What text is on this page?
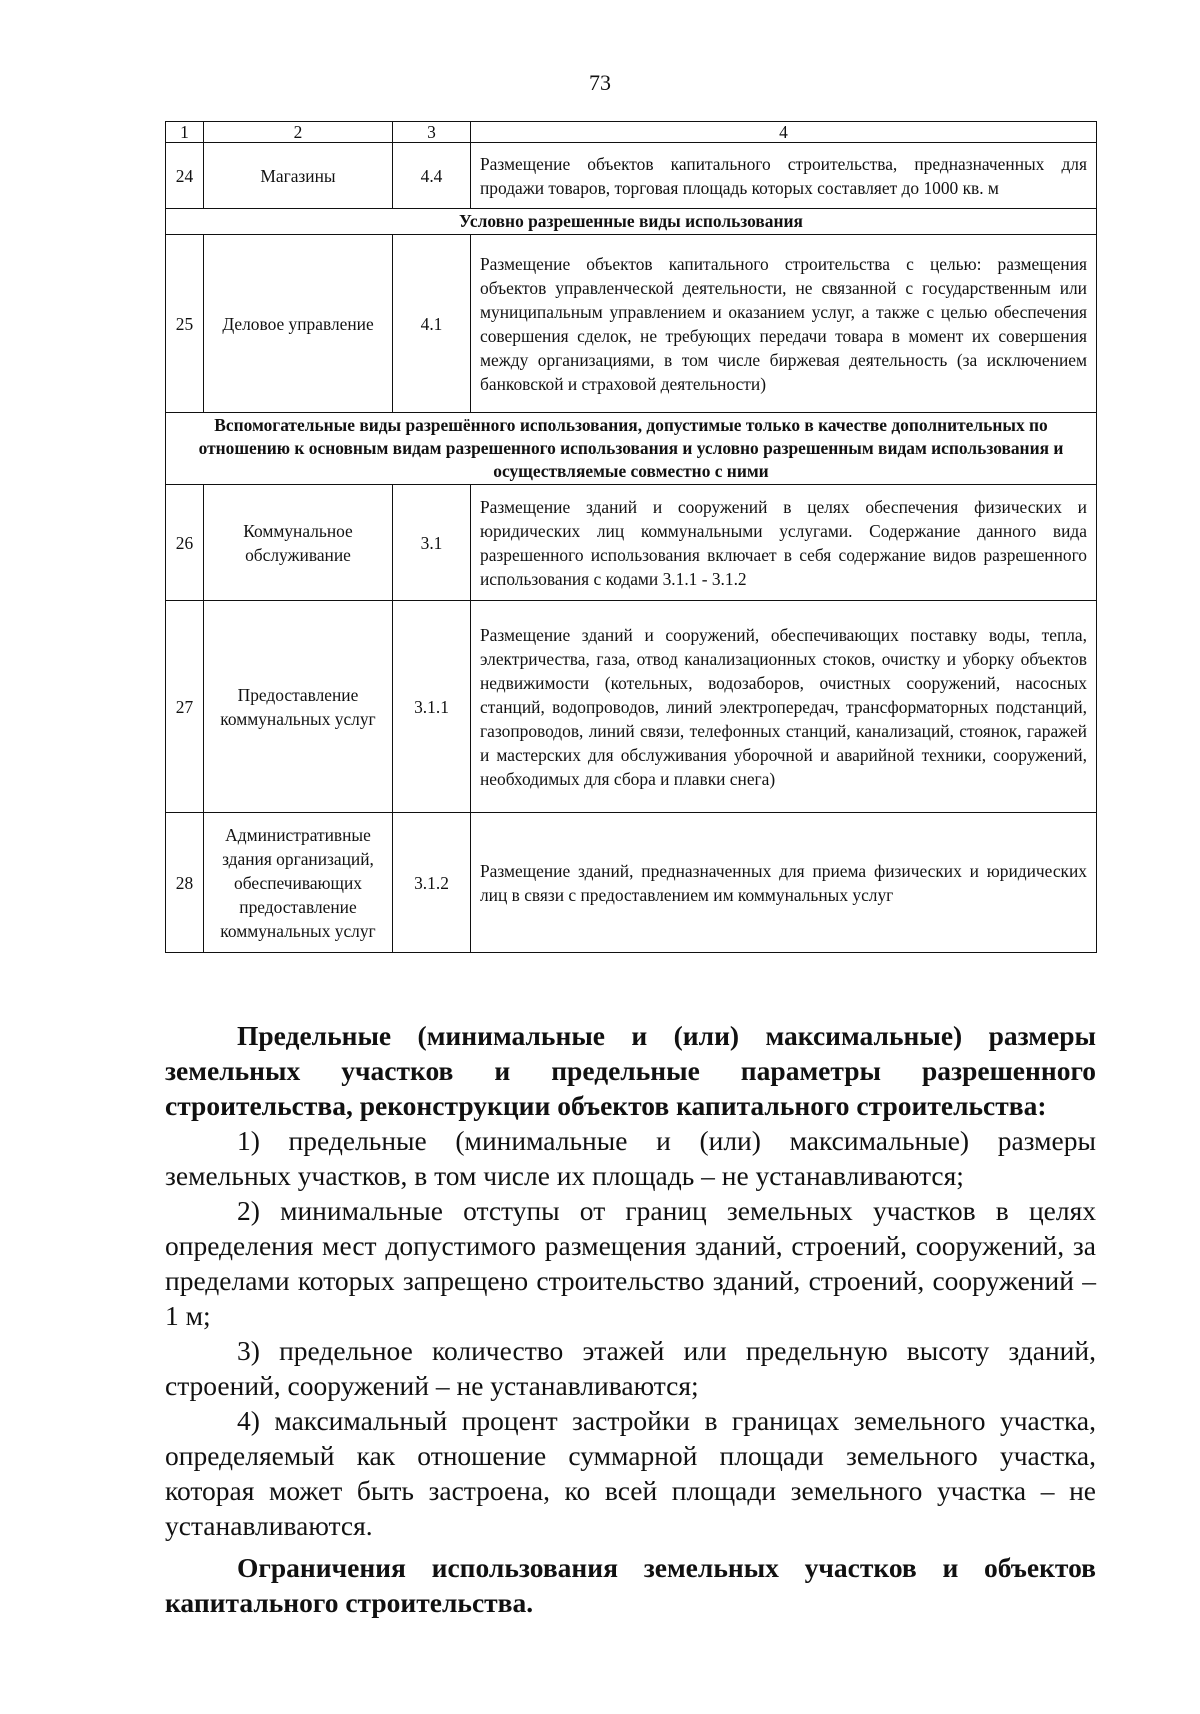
73
1	2	3	4
24	Магазины	4.4	Размещение объектов капитального строительства, предназначенных для продажи товаров, торговая площадь которых составляет до 1000 кв. м
Условно разрешенные виды использования			
25	Деловое управление	4.1	Размещение объектов капитального строительства с целью: размещения объектов управленческой деятельности, не связанной с государственным или муниципальным управлением и оказанием услуг, а также с целью обеспечения совершения сделок, не требующих передачи товара в момент их совершения между организациями, в том числе биржевая деятельность (за исключением банковской и страховой деятельности)
Вспомогательные виды разрешённого использования, допустимые только в качестве дополнительных по отношению к основным видам разрешенного использования и условно разрешенным видам использования и осуществляемые совместно с ними			
26	Коммунальное обслуживание	3.1	Размещение зданий и сооружений в целях обеспечения физических и юридических лиц коммунальными услугами. Содержание данного вида разрешенного использования включает в себя содержание видов разрешенного использования с кодами 3.1.1 - 3.1.2
27	Предоставление коммунальных услуг	3.1.1	Размещение зданий и сооружений, обеспечивающих поставку воды, тепла, электричества, газа, отвод канализационных стоков, очистку и уборку объектов недвижимости (котельных, водозаборов, очистных сооружений, насосных станций, водопроводов, линий электропередач, трансформаторных подстанций, газопроводов, линий связи, телефонных станций, канализаций, стоянок, гаражей и мастерских для обслуживания уборочной и аварийной техники, сооружений, необходимых для сбора и плавки снега)
28	Административные здания организаций, обеспечивающих предоставление коммунальных услуг	3.1.2	Размещение зданий, предназначенных для приема физических и юридических лиц в связи с предоставлением им коммунальных услуг

Предельные (минимальные и (или) максимальные) размеры земельных участков и предельные параметры разрешенного строительства, реконструкции объектов капитального строительства:

1) предельные (минимальные и (или) максимальные) размеры земельных участков, в том числе их площадь – не устанавливаются;

2) минимальные отступы от границ земельных участков в целях определения мест допустимого размещения зданий, строений, сооружений, за пределами которых запрещено строительство зданий, строений, сооружений – 1 м;

3) предельное количество этажей или предельную высоту зданий, строений, сооружений – не устанавливаются;

4) максимальный процент застройки в границах земельного участка, определяемый как отношение суммарной площади земельного участка, которая может быть застроена, ко всей площади земельного участка – не устанавливаются.

Ограничения использования земельных участков и объектов капитального строительства.
